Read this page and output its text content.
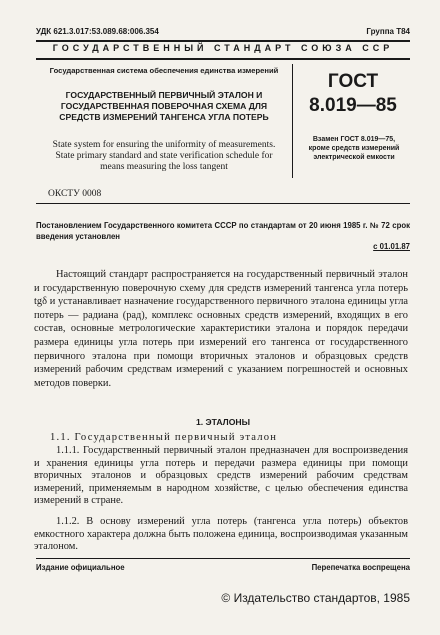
УДК 621.3.017:53.089.68:006.354	Группа Т84
ГОСУДАРСТВЕННЫЙ СТАНДАРТ СОЮЗА ССР
Государственная система обеспечения единства измерений
ГОСУДАРСТВЕННЫЙ ПЕРВИЧНЫЙ ЭТАЛОН И ГОСУДАРСТВЕННАЯ ПОВЕРОЧНАЯ СХЕМА ДЛЯ СРЕДСТВ ИЗМЕРЕНИЙ ТАНГЕНСА УГЛА ПОТЕРЬ
State system for ensuring the uniformity of measurements. State primary standard and state verification schedule for means measuring the loss tangent
ГОСТ
8.019—85
Взамен ГОСТ 8.019—75, кроме средств измерений электрической емкости
ОКСТУ 0008
Постановлением Государственного комитета СССР по стандартам от 20 июня 1985 г. № 72 срок введения установлен
с 01.01.87
Настоящий стандарт распространяется на государственный первичный эталон и государственную поверочную схему для средств измерений тангенса угла потерь tgδ и устанавливает назначение государственного первичного эталона единицы угла потерь — радиана (рад), комплекс основных средств измерений, входящих в его состав, основные метрологические характеристики эталона и порядок передачи размера единицы угла потерь при измерений его тангенса от государственного первичного эталона при помощи вторичных эталонов и образцовых средств измерений рабочим средствам измерений с указанием погрешностей и основных методов поверки.
1. ЭТАЛОНЫ
1.1. Государственный первичный эталон
1.1.1. Государственный первичный эталон предназначен для воспроизведения и хранения единицы угла потерь и передачи размера единицы при помощи вторичных эталонов и образцовых средств измерений рабочим средствам измерений, применяемым в народном хозяйстве, с целью обеспечения единства измерений в стране.
1.1.2. В основу измерений угла потерь (тангенса угла потерь) объектов емкостного характера должна быть положена единица, воспроизводимая указанным эталоном.
Издание официальное	Перепечатка воспрещена
© Издательство стандартов, 1985
